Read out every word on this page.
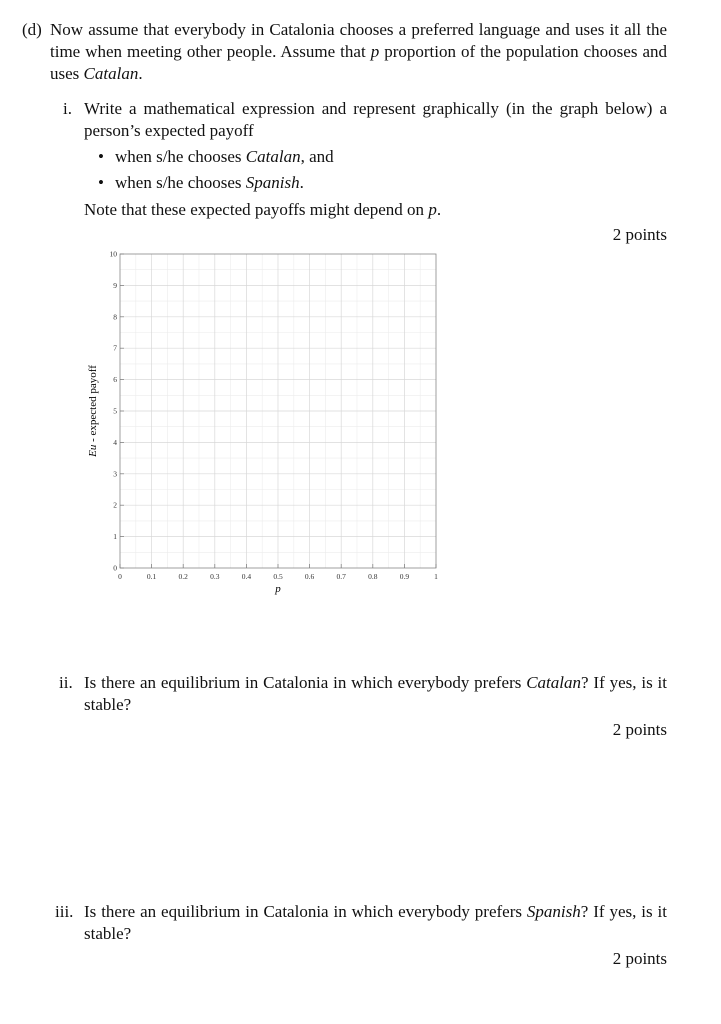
(d) Now assume that everybody in Catalonia chooses a preferred language and uses it all the time when meeting other people. Assume that p proportion of the population chooses and uses Catalan.
i. Write a mathematical expression and represent graphically (in the graph below) a person’s expected payoff
• when s/he chooses Catalan, and
• when s/he chooses Spanish.
Note that these expected payoffs might depend on p.
2 points
0	0.1	0.2	0.3	0.4	0.5	0.6	0.7	0.8	0.9	1
0
1
2
3
4
5
6
7
8
9
10
p
Eu - expected payoff
ii. Is there an equilibrium in Catalonia in which everybody prefers Catalan? If yes, is it stable?
2 points
iii. Is there an equilibrium in Catalonia in which everybody prefers Spanish? If yes, is it stable?
2 points
